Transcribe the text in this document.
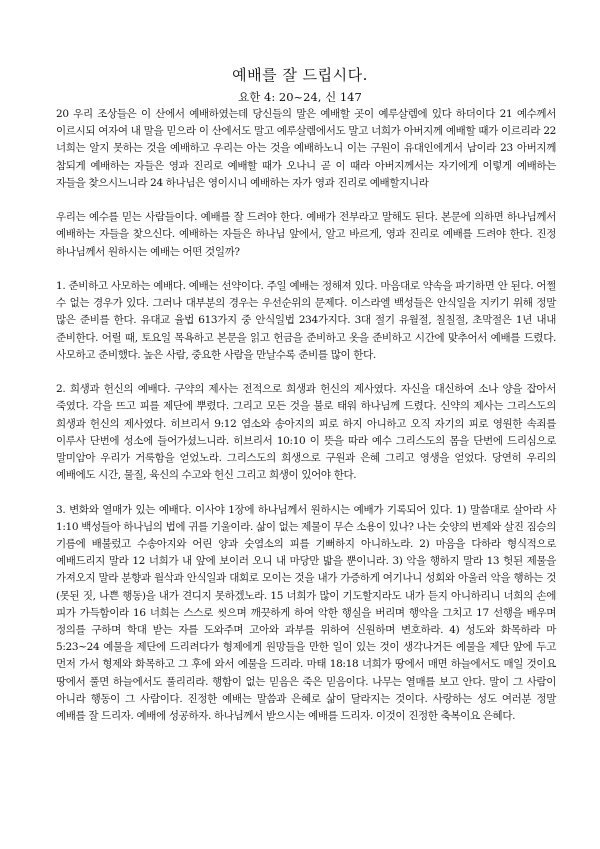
예배를 잘 드립시다.
요한 4: 20~24, 신 147

20 우리 조상들은 이 산에서 예배하였는데 당신들의 말은 예배할 곳이 예루살렘에 있다 하더이다 21 예수께서 이르시되 여자여 내 말을 믿으라 이 산에서도 말고 예루살렘에서도 말고 너희가 아버지께 예배할 때가 이르리라 22 너희는 알지 못하는 것을 예배하고 우리는 아는 것을 예배하노니 이는 구원이 유대인에게서 남이라 23 아버지께 참되게 예배하는 자들은 영과 진리로 예배할 때가 오나니 곧 이 때라 아버지께서는 자기에게 이렇게 예배하는 자들을 찾으시느니라 24 하나님은 영이시니 예배하는 자가 영과 진리로 예배할지니라

우리는 예수를 믿는 사람들이다. 예배를 잘 드려야 한다. 예배가 전부라고 말해도 된다. 본문에 의하면 하나님께서 예배하는 자들을 찾으신다. 예배하는 자들은 하나님 앞에서, 알고 바르게, 영과 진리로 예배를 드려야 한다. 진정 하나님께서 원하시는 예배는 어떤 것일까?

1. 준비하고 사모하는 예배다. 예배는 선약이다. 주일 예배는 정해져 있다. 마음대로 약속을 파기하면 안 된다. 어쩔 수 없는 경우가 있다. 그러나 대부분의 경우는 우선순위의 문제다. 이스라엘 백성들은 안식일을 지키기 위해 정말 많은 준비를 한다. 유대교 율법 613가지 중 안식일법 234가지다. 3대 절기 유월절, 칠칠절, 초막절은 1년 내내 준비한다. 어릴 때, 토요일 목욕하고 본문을 읽고 헌금을 준비하고 옷을 준비하고 시간에 맞추어서 예배를 드렸다. 사모하고 준비했다. 높은 사람, 중요한 사람을 만날수록 준비를 많이 한다.

2. 희생과 헌신의 예배다. 구약의 제사는 전적으로 희생과 헌신의 제사였다. 자신을 대신하여 소나 양을 잡아서 죽였다. 각을 뜨고 피를 제단에 뿌렸다. 그리고 모든 것을 불로 태워 하나님께 드렸다. 신약의 제사는 그리스도의 희생과 헌신의 제사였다. 히브리서 9:12 염소와 송아지의 피로 하지 아니하고 오직 자기의 피로 영원한 속죄를 이루사 단번에 성소에 들어가셨느니라. 히브리서 10:10 이 뜻을 따라 예수 그리스도의 몸을 단번에 드리심으로 말미암아 우리가 거룩함을 얻었노라. 그리스도의 희생으로 구원과 은혜 그리고 영생을 얻었다. 당연히 우리의 예배에도 시간, 물질, 육신의 수고와 헌신 그리고 희생이 있어야 한다.

3. 변화와 열매가 있는 예배다. 이사야 1장에 하나님께서 원하시는 예배가 기록되어 있다. 1) 말씀대로 살아라 사 1:10 백성들아 하나님의 법에 귀를 기울이라. 삶이 없는 제물이 무슨 소용이 있나? 나는 숫양의 번제와 살진 짐승의 기름에 배불렀고 수송아지와 어린 양과 숫염소의 피를 기뻐하지 아니하노라. 2) 마음을 다하라 형식적으로 예배드리지 말라 12 너희가 내 앞에 보이러 오니 내 마당만 밟을 뿐이니라. 3) 악을 행하지 말라 13 헛된 제물을 가져오지 말라 분향과 월삭과 안식일과 대회로 모이는 것을 내가 가증하게 여기나니 성회와 아울러 악을 행하는 것(못된 짓, 나쁜 행동)을 내가 견디지 못하겠노라. 15 너희가 많이 기도할지라도 내가 듣지 아니하리니 너희의 손에 피가 가득함이라 16 너희는 스스로 씻으며 깨끗하게 하여 악한 행실을 버리며 행악을 그치고 17 선행을 배우며 정의를 구하며 학대 받는 자를 도와주며 고아와 과부를 위하여 신원하며 변호하라. 4) 성도와 화목하라 마 5:23~24 예물을 제단에 드리려다가 형제에게 원망들을 만한 일이 있는 것이 생각나거든 예물을 제단 앞에 두고 먼저 가서 형제와 화목하고 그 후에 와서 예물을 드리라. 마태 18:18 너희가 땅에서 매면 하늘에서도 매일 것이요 땅에서 풀면 하늘에서도 풀리리라. 행함이 없는 믿음은 죽은 믿음이다. 나무는 열매를 보고 안다. 말이 그 사람이 아니라 행동이 그 사람이다. 진정한 예배는 말씀과 은혜로 삶이 달라지는 것이다. 사랑하는 성도 여러분 정말 예배를 잘 드리자. 예배에 성공하자. 하나님께서 받으시는 예배를 드리자. 이것이 진정한 축복이요 은혜다.
